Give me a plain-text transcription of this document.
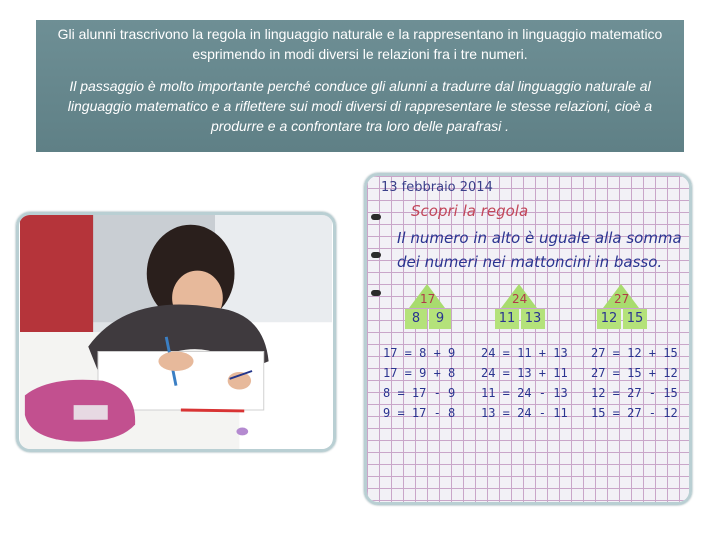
Gli alunni trascrivono la regola in linguaggio naturale e la rappresentano in linguaggio matematico esprimendo in modi diversi le relazioni fra i tre numeri.

Il passaggio è molto importante perché conduce gli alunni a tradurre dal linguaggio naturale al linguaggio matematico e a riflettere sui modi diversi di rappresentare le stesse relazioni, cioè a produrre e a confrontare tra loro delle parafrasi .

13 febbraio 2014
Scopri la regola
Il numero in alto è uguale alla somma
dei numeri nei mattoncini in basso.
17
8	9
24
11 13
27
12 15
17 = 8 + 9 24 = 11 + 13 27 = 12 + 15
17 = 9 + 8 24 = 13 + 11 27 = 15 + 12
8 = 17 - 9 11 = 24 - 13 12 = 27 - 15
9 = 17 - 8 13 = 24 - 11 15 = 27 - 12
